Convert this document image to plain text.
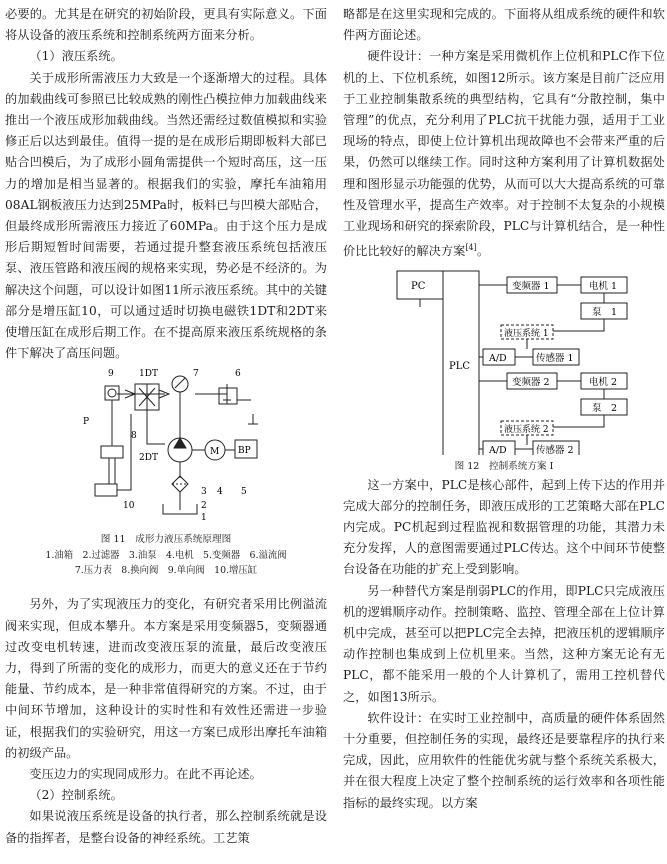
必要的。尤其是在研究的初始阶段，更具有实际意义。下面将从设备的液压系统和控制系统两方面来分析。

（1）液压系统。

关于成形所需液压力大致是一个逐渐增大的过程。具体的加载曲线可参照已比较成熟的刚性凸模拉伸力加载曲线来推出一个液压成形加载曲线。当然还需经过数值模拟和实验修正后以达到最佳。值得一提的是在成形后期即板料大部已贴合凹模后，为了成形小圆角需提供一个短时高压，这一压力的增加是相当显著的。根据我们的实验，摩托车油箱用08AL钢板液压力达到25MPa时，板料已与凹模大部贴合，但最终成形所需液压力接近了60MPa。由于这个压力是成形后期短暂时间需要，若通过提升整套液压系统包括液压泵、液压管路和液压阀的规格来实现，势必是不经济的。为解决这个问题，可以设计如图11所示液压系统。其中的关键部分是增压缸10，可以通过适时切换电磁铁1DT和2DT来使增压缸在成形后期工作。在不提高原来液压系统规格的条件下解决了高压问题。

9	1DT	7	6
P
8
2DT
M BP
10
3 4 5
2
1
图 11　成形力液压系统原理图
1.油箱　2.过滤器　3.油泵　4.电机　5.变频器　6.溢流阀
7.压力表　8.换向阀　9.单向阀　10.增压缸

另外，为了实现液压力的变化，有研究者采用比例溢流阀来实现，但成本攀升。本方案是采用变频器5，变频器通过改变电机转速，进而改变液压泵的流量，最后改变液压力，得到了所需的变化的成形力，而更大的意义还在于节约能量、节约成本，是一种非常值得研究的方案。不过，由于中间环节增加，这种设计的实时性和有效性还需进一步验证，根据我们的实验研究，用这一方案已成形出摩托车油箱的初级产品。

变压边力的实现同成形力。在此不再论述。

（2）控制系统。

如果说液压系统是设备的执行者，那么控制系统就是设备的指挥者，是整台设备的神经系统。工艺策

略都是在这里实现和完成的。下面将从组成系统的硬件和软件两方面论述。

硬件设计：一种方案是采用微机作上位机和PLC作下位机的上、下位机系统，如图12所示。该方案是目前广泛应用于工业控制集散系统的典型结构，它具有“分散控制，集中管理”的优点，充分利用了PLC抗干扰能力强，适用于工业现场的特点，即使上位计算机出现故障也不会带来严重的后果，仍然可以继续工作。同时这种方案利用了计算机数据处理和图形显示功能强的优势，从而可以大大提高系统的可靠性及管理水平，提高生产效率。对于控制不太复杂的小规模工业现场和研究的探索阶段，PLC与计算机结合，是一种性价比比较好的解决方案[4]。

PC
PLC
变频器 1	电机 1
泵　1
液压系统 1
A/D	传感器 1
变频器 2	电机 2
泵　2
液压系统 2
A/D	传感器 2
图 12　控制系统方案 Ⅰ

这一方案中，PLC是核心部件，起到上传下达的作用并完成大部分的控制任务，即液压成形的工艺策略大部在PLC内完成。PC机起到过程监视和数据管理的功能，其潜力未充分发挥，人的意图需要通过PLC传达。这个中间环节使整台设备在功能的扩充上受到影响。

另一种替代方案是削弱PLC的作用，即PLC只完成液压机的逻辑顺序动作。控制策略、监控、管理全部在上位计算机中完成，甚至可以把PLC完全去掉，把液压机的逻辑顺序动作控制也集成到上位机里来。当然，这种方案无论有无PLC，都不能采用一般的个人计算机了，需用工控机替代之，如图13所示。

软件设计：在实时工业控制中，高质量的硬件体系固然十分重要，但控制任务的实现，最终还是要靠程序的执行来完成，因此，应用软件的性能优劣就与整个系统关系极大，并在很大程度上决定了整个控制系统的运行效率和各项性能指标的最终实现。以方案
